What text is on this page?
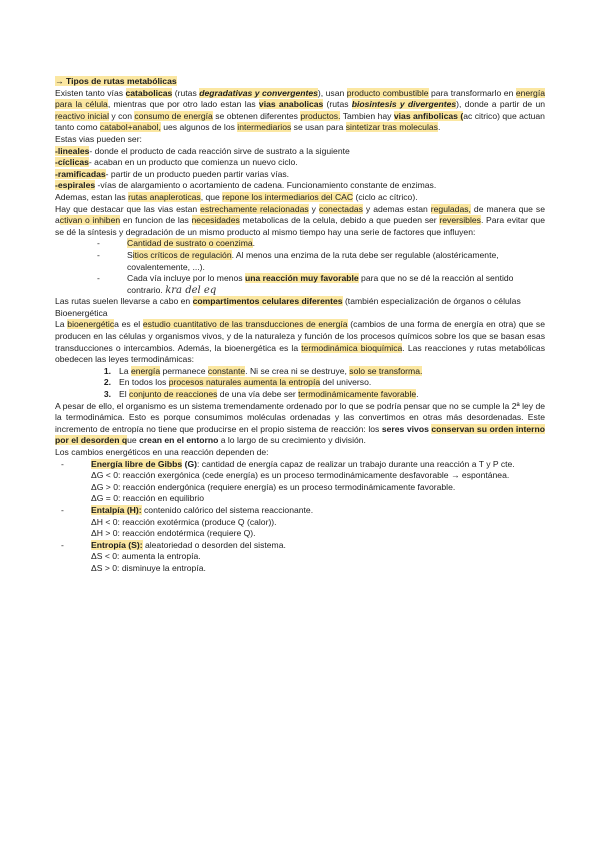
→ Tipos de rutas metabólicas

Existen tanto vías catabolicas (rutas degradativas y convergentes), usan producto combustible para transformarlo en energía para la célula, mientras que por otro lado estan las vias anabolicas (rutas biosintesis y divergentes), donde a partir de un reactivo inicial y con consumo de energía se obtenen diferentes productos. Tambien hay vias anfibolicas (ac citrico) que actuan tanto como catabol+anabol, ues algunos de los intermediarios se usan para sintetizar tras moleculas.

Estas vias pueden ser:

-lineales- donde el producto de cada reacción sirve de sustrato a la siguiente

-cíclicas- acaban en un producto que comienza un nuevo ciclo.

-ramificadas- partir de un producto pueden partir varias vías.

-espirales -vías de alargamiento o acortamiento de cadena. Funcionamiento constante de enzimas.

Ademas, estan las rutas anapleroticas, que repone los intermediarios del CAC (ciclo ac cítrico).

Hay que destacar que las vias estan estrechamente relacionadas y conectadas y ademas estan reguladas, de manera que se activan o inhiben en funcion de las necesidades metabolicas de la celula, debido a que pueden ser reversibles. Para evitar que se dé la síntesis y degradación de un mismo producto al mismo tiempo hay una serie de factores que influyen:

-	Cantidad de sustrato o coenzima.
-	Sitios críticos de regulación. Al menos una enzima de la ruta debe ser regulable (alostéricamente, covalentemente, ...).
-	Cada vía incluye por lo menos una reacción muy favorable para que no se dé la reacción al sentido contrario. kra del eq

Las rutas suelen llevarse a cabo en compartimentos celulares diferentes (también especialización de órganos o células Bioenergética

La bioenergética es el estudio cuantitativo de las transducciones de energía (cambios de una forma de energía en otra) que se producen en las células y organismos vivos, y de la naturaleza y función de los procesos químicos sobre los que se basan esas transducciones o intercambios. Además, la bioenergética es la termodinámica bioquímica. Las reacciones y rutas metabólicas obedecen las leyes termodinámicas:

1. La energía permanece constante. Ni se crea ni se destruye, solo se transforma.
2. En todos los procesos naturales aumenta la entropía del universo.
3. El conjunto de reacciones de una vía debe ser termodinámicamente favorable.

A pesar de ello, el organismo es un sistema tremendamente ordenado por lo que se podría pensar que no se cumple la 2ª ley de la termodinámica. Esto es porque consumimos moléculas ordenadas y las convertimos en otras más desordenadas. Este incremento de entropía no tiene que producirse en el propio sistema de reacción: los seres vivos conservan su orden interno por el desorden que crean en el entorno a lo largo de su crecimiento y división.

Los cambios energéticos en una reacción dependen de:

-	Energía libre de Gibbs (G): cantidad de energía capaz de realizar un trabajo durante una reacción a T y P cte.

ΔG < 0: reacción exergónica (cede energía) es un proceso termodinámicamente desfavorable → espontánea.

ΔG > 0: reacción endergónica (requiere energía) es un proceso termodinámicamente favorable.

ΔG = 0: reacción en equilibrio

-	Entalpía (H): contenido calórico del sistema reaccionante.

ΔH < 0: reacción exotérmica (produce Q (calor)).

ΔH > 0: reacción endotérmica (requiere Q).

-	Entropía (S): aleatoriedad o desorden del sistema.

ΔS < 0: aumenta la entropía.

ΔS > 0: disminuye la entropía.
